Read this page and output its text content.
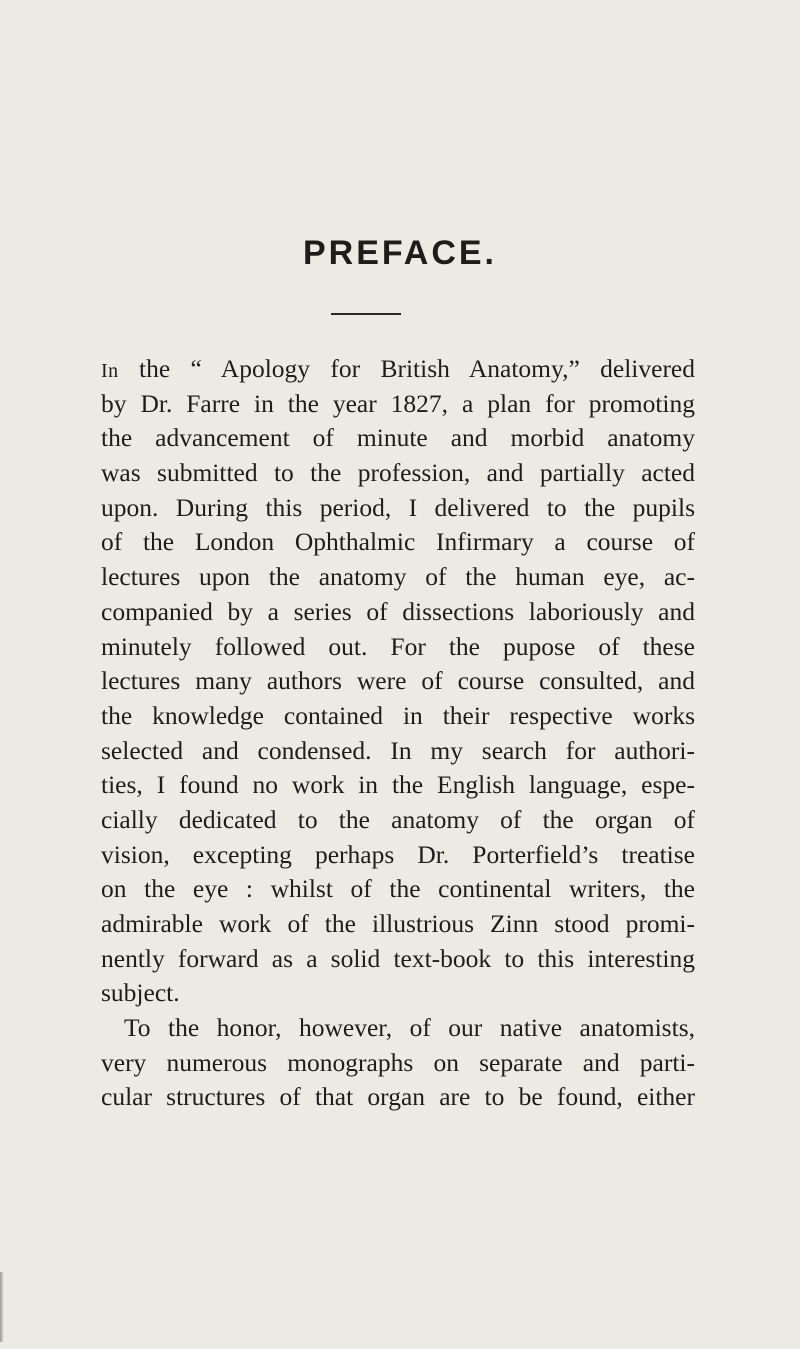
PREFACE.
In the “ Apology for British Anatomy,” delivered
by Dr. Farre in the year 1827, a plan for promoting
the advancement of minute and morbid anatomy
was submitted to the profession, and partially acted
upon. During this period, I delivered to the pupils
of the London Ophthalmic Infirmary a course of
lectures upon the anatomy of the human eye, ac-
companied by a series of dissections laboriously and
minutely followed out. For the pupose of these
lectures many authors were of course consulted, and
the knowledge contained in their respective works
selected and condensed. In my search for authori-
ties, I found no work in the English language, espe-
cially dedicated to the anatomy of the organ of
vision, excepting perhaps Dr. Porterfield’s treatise
on the eye : whilst of the continental writers, the
admirable work of the illustrious Zinn stood promi-
nently forward as a solid text-book to this interesting
subject.
To the honor, however, of our native anatomists,
very numerous monographs on separate and parti-
cular structures of that organ are to be found, either
